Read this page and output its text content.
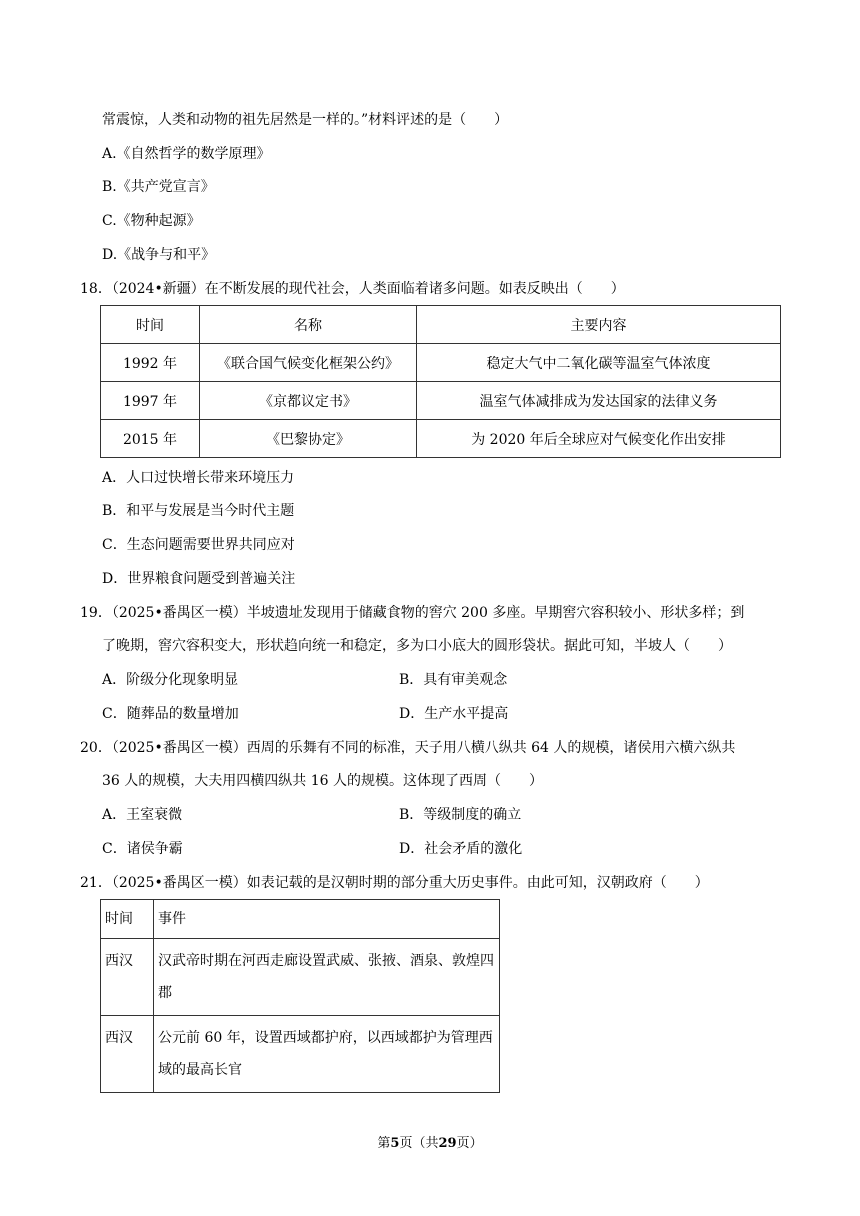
常震惊，人类和动物的祖先居然是一样的。”材料评述的是（　　）
A.《自然哲学的数学原理》
B.《共产党宣言》
C.《物种起源》
D.《战争与和平》
18．（2024•新疆）在不断发展的现代社会，人类面临着诸多问题。如表反映出（　　）
时间	名称	主要内容
1992 年	《联合国气候变化框架公约》	稳定大气中二氧化碳等温室气体浓度
1997 年	《京都议定书》	温室气体减排成为发达国家的法律义务
2015 年	《巴黎协定》	为 2020 年后全球应对气候变化作出安排
A．人口过快增长带来环境压力
B．和平与发展是当今时代主题
C．生态问题需要世界共同应对
D．世界粮食问题受到普遍关注
19．（2025•番禺区一模）半坡遗址发现用于储藏食物的窖穴 200 多座。早期窖穴容积较小、形状多样；到
了晚期，窖穴容积变大，形状趋向统一和稳定，多为口小底大的圆形袋状。据此可知，半坡人（　　）
A．阶级分化现象明显	B．具有审美观念
C．随葬品的数量增加	D．生产水平提高
20．（2025•番禺区一模）西周的乐舞有不同的标准，天子用八横八纵共 64 人的规模，诸侯用六横六纵共
36 人的规模，大夫用四横四纵共 16 人的规模。这体现了西周（　　）
A．王室衰微	B．等级制度的确立
C．诸侯争霸	D．社会矛盾的激化
21．（2025•番禺区一模）如表记载的是汉朝时期的部分重大历史事件。由此可知，汉朝政府（　　）
时间	事件
西汉	汉武帝时期在河西走廊设置武威、张掖、酒泉、敦煌四郡
西汉	公元前 60 年，设置西域都护府，以西域都护为管理西域的最高长官
第5页（共29页）
